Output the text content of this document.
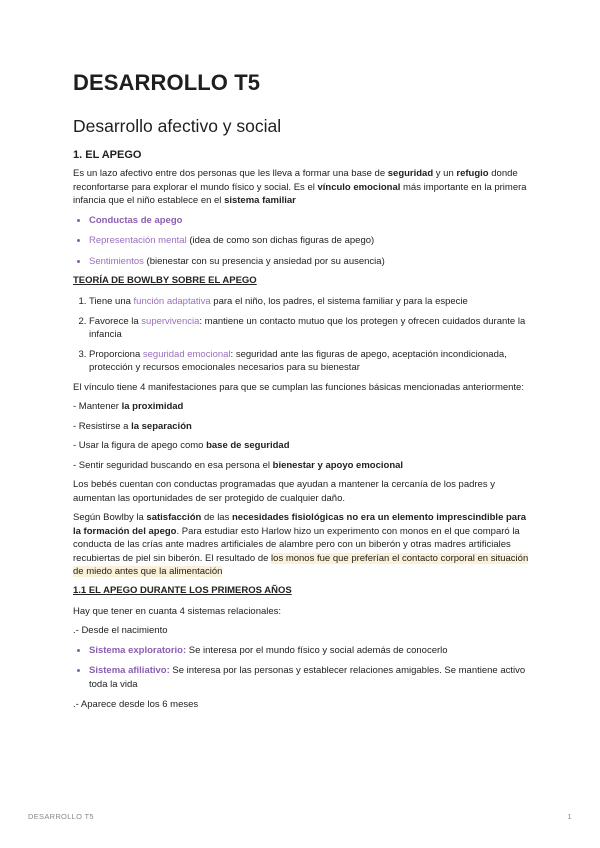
DESARROLLO T5
Desarrollo afectivo y social
1. EL APEGO

Es un lazo afectivo entre dos personas que les lleva a formar una base de seguridad y un refugio donde reconfortarse para explorar el mundo físico y social. Es el vínculo emocional más importante en la primera infancia que el niño establece en el sistema familiar

• Conductas de apego
• Representación mental (idea de como son dichas figuras de apego)
• Sentimientos (bienestar con su presencia y ansiedad por su ausencia)
TEORÍA DE BOWLBY SOBRE EL APEGO
1. Tiene una función adaptativa para el niño, los padres, el sistema familiar y para la especie
2. Favorece la supervivencia: mantiene un contacto mutuo que los protegen y ofrecen cuidados durante la infancia
3. Proporciona seguridad emocional: seguridad ante las figuras de apego, aceptación incondicionada, protección y recursos emocionales necesarios para su bienestar

El vínculo tiene 4 manifestaciones para que se cumplan las funciones básicas mencionadas anteriormente:

- Mantener la proximidad
- Resistirse a la separación
- Usar la figura de apego como base de seguridad
- Sentir seguridad buscando en esa persona el bienestar y apoyo emocional

Los bebés cuentan con conductas programadas que ayudan a mantener la cercanía de los padres y aumentan las oportunidades de ser protegido de cualquier daño.

Según Bowlby la satisfacción de las necesidades fisiológicas no era un elemento imprescindible para la formación del apego. Para estudiar esto Harlow hizo un experimento con monos en el que comparó la conducta de las crías ante madres artificiales de alambre pero con un biberón y otras madres artificiales recubiertas de piel sin biberón. El resultado de los monos fue que preferían el contacto corporal en situación de miedo antes que la alimentación

1.1 EL APEGO DURANTE LOS PRIMEROS AÑOS

Hay que tener en cuanta 4 sistemas relacionales:

.- Desde el nacimiento

• Sistema exploratorio: Se interesa por el mundo físico y social además de conocerlo
• Sistema afiliativo: Se interesa por las personas y establecer relaciones amigables. Se mantiene activo toda la vida

.- Aparece desde los 6 meses

DESARROLLO T5	1
